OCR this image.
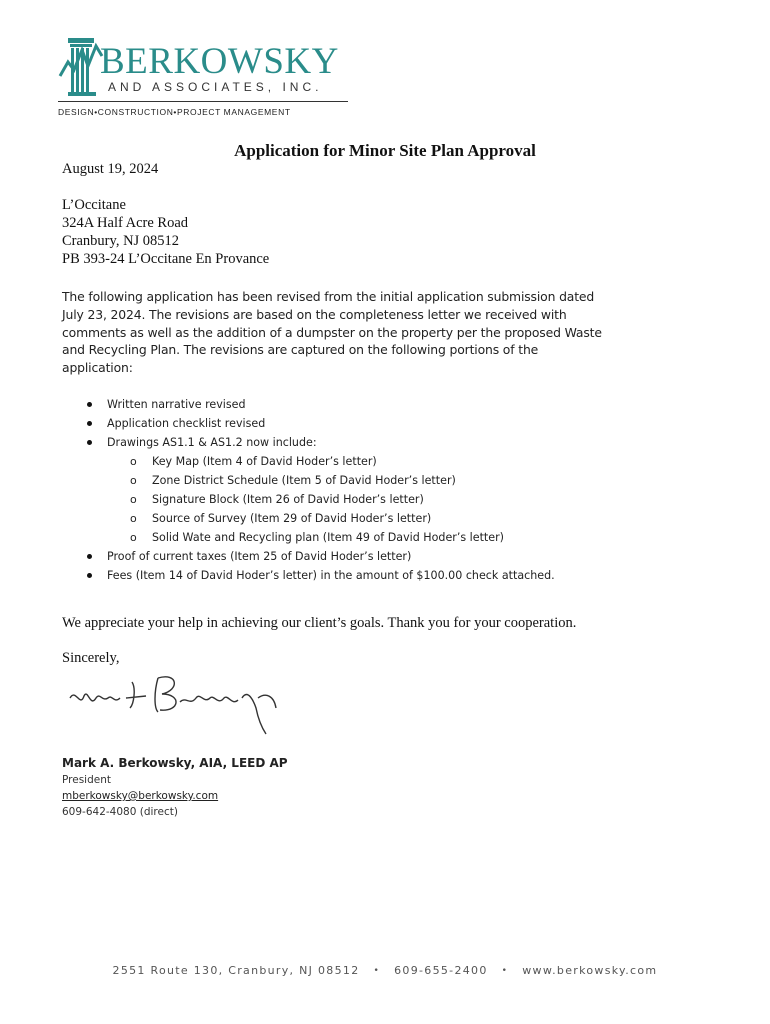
BERKOWSKY
AND ASSOCIATES, INC.
DESIGN•CONSTRUCTION•PROJECT MANAGEMENT
Application for Minor Site Plan Approval
August 19, 2024
L’Occitane
324A Half Acre Road
Cranbury, NJ 08512
PB 393-24 L’Occitane En Provance
The following application has been revised from the initial application submission dated July 23, 2024. The revisions are based on the completeness letter we received with comments as well as the addition of a dumpster on the property per the proposed Waste and Recycling Plan. The revisions are captured on the following portions of the application:
Written narrative revised
Application checklist revised
Drawings AS1.1 & AS1.2 now include:
o Key Map (Item 4 of David Hoder’s letter)
o Zone District Schedule (Item 5 of David Hoder’s letter)
o Signature Block (Item 26 of David Hoder’s letter)
o Source of Survey (Item 29 of David Hoder’s letter)
o Solid Wate and Recycling plan (Item 49 of David Hoder’s letter)
Proof of current taxes (Item 25 of David Hoder’s letter)
Fees (Item 14 of David Hoder’s letter) in the amount of $100.00 check attached.
We appreciate your help in achieving our client’s goals. Thank you for your cooperation.
Sincerely,
Mark A. Berkowsky, AIA, LEED AP
President
mberkowsky@berkowsky.com
609-642-4080 (direct)
2551 Route 130, Cranbury, NJ 08512 • 609-655-2400 • www.berkowsky.com
